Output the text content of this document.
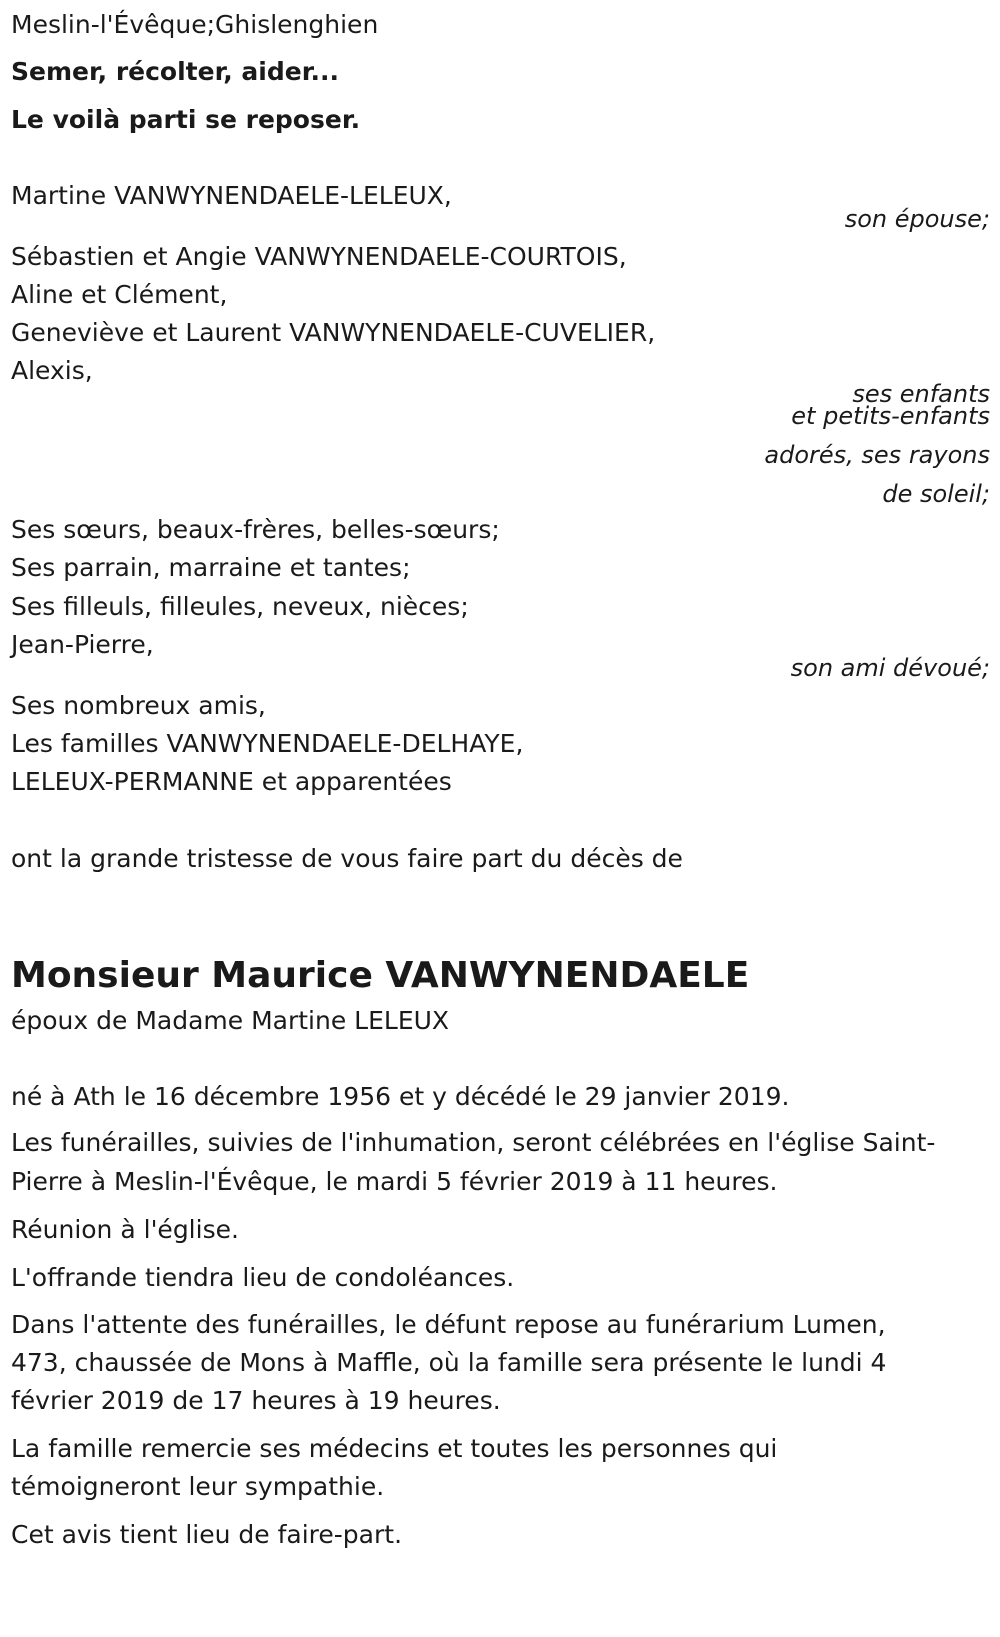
Meslin-l'Évêque;Ghislenghien

Semer, récolter, aider...

Le voilà parti se reposer.

Martine VANWYNENDAELE-LELEUX,

son épouse;

Sébastien et Angie VANWYNENDAELE-COURTOIS,

Aline et Clément,

Geneviève et Laurent VANWYNENDAELE-CUVELIER,

Alexis,

ses enfants

et petits-enfants

adorés, ses rayons

de soleil;

Ses sœurs, beaux-frères, belles-sœurs;

Ses parrain, marraine et tantes;

Ses filleuls, filleules, neveux, nièces;

Jean-Pierre,

son ami dévoué;

Ses nombreux amis,

Les familles VANWYNENDAELE-DELHAYE,

LELEUX-PERMANNE et apparentées

ont la grande tristesse de vous faire part du décès de

Monsieur Maurice VANWYNENDAELE

époux de Madame Martine LELEUX

né à Ath le 16 décembre 1956 et y décédé le 29 janvier 2019.

Les funérailles, suivies de l'inhumation, seront célébrées en l'église Saint-

Pierre à Meslin-l'Évêque, le mardi 5 février 2019 à 11 heures.

Réunion à l'église.

L'offrande tiendra lieu de condoléances.

Dans l'attente des funérailles, le défunt repose au funérarium Lumen,

473, chaussée de Mons à Maffle, où la famille sera présente le lundi 4

février 2019 de 17 heures à 19 heures.

La famille remercie ses médecins et toutes les personnes qui

témoigneront leur sympathie.

Cet avis tient lieu de faire-part.
